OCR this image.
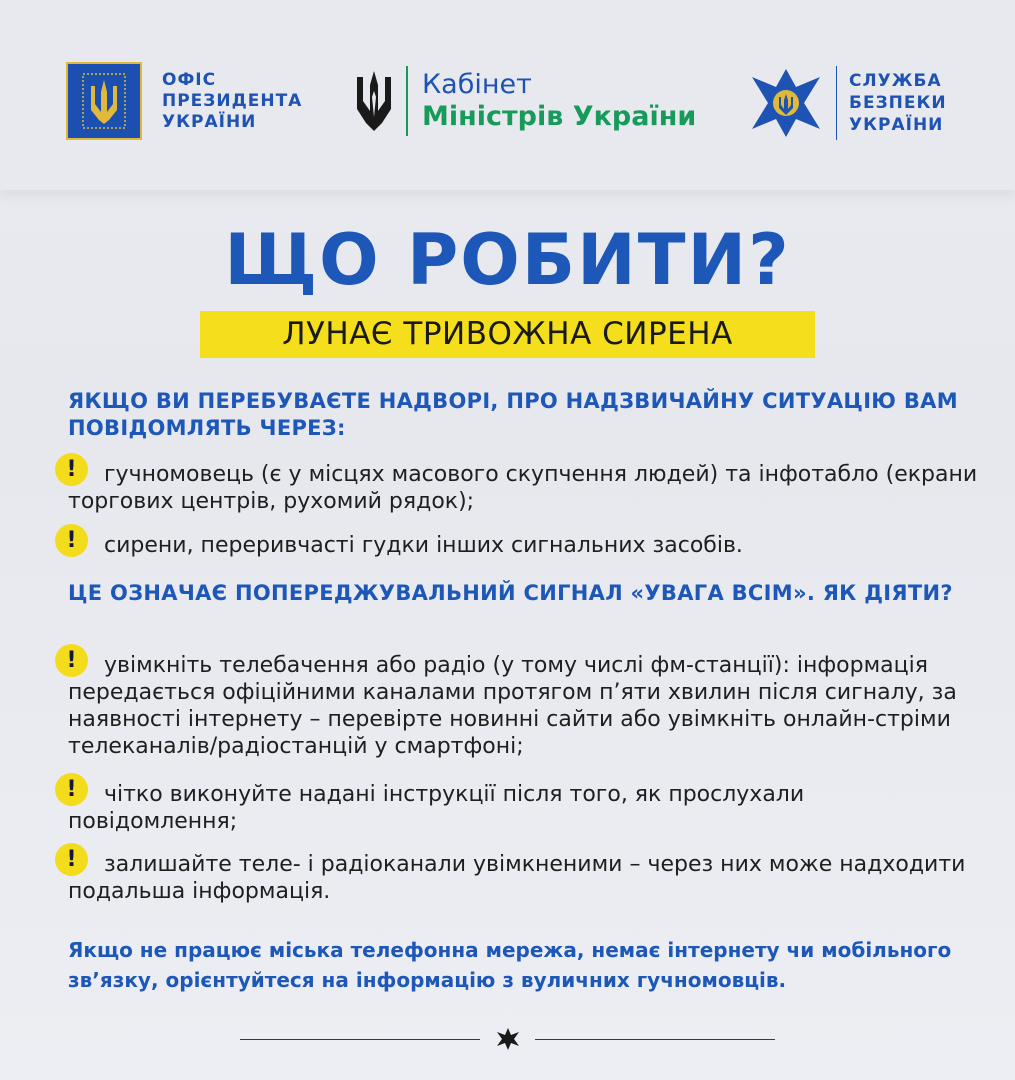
ОФІС
ПРЕЗИДЕНТА
УКРАЇНИ
Кабінет
Міністрів України
СЛУЖБА
БЕЗПЕКИ
УКРАЇНИ
ЩО РОБИТИ?
ЛУНАЄ ТРИВОЖНА СИРЕНА
ЯКЩО ВИ ПЕРЕБУВАЄТЕ НАДВОРІ, ПРО НАДЗВИЧАЙНУ СИТУАЦІЮ ВАМ ПОВІДОМЛЯТЬ ЧЕРЕЗ:
!	гучномовець (є у місцях масового скупчення людей) та інфотабло (екрани торгових центрів, рухомий рядок);
!	сирени, переривчасті гудки інших сигнальних засобів.
ЦЕ ОЗНАЧАЄ ПОПЕРЕДЖУВАЛЬНИЙ СИГНАЛ «УВАГА ВСІМ». ЯК ДІЯТИ?
!	увімкніть телебачення або радіо (у тому числі фм-станції): інформація передається офіційними каналами протягом п’яти хвилин після сигналу, за наявності інтернету – перевірте новинні сайти або увімкніть онлайн-стріми телеканалів/радіостанцій у смартфоні;
!	чітко виконуйте надані інструкції після того, як прослухали повідомлення;
!	залишайте теле- і радіоканали увімкненими – через них може надходити подальша інформація.
Якщо не працює міська телефонна мережа, немає інтернету чи мобільного зв’язку, орієнтуйтеся на інформацію з вуличних гучномовців.
